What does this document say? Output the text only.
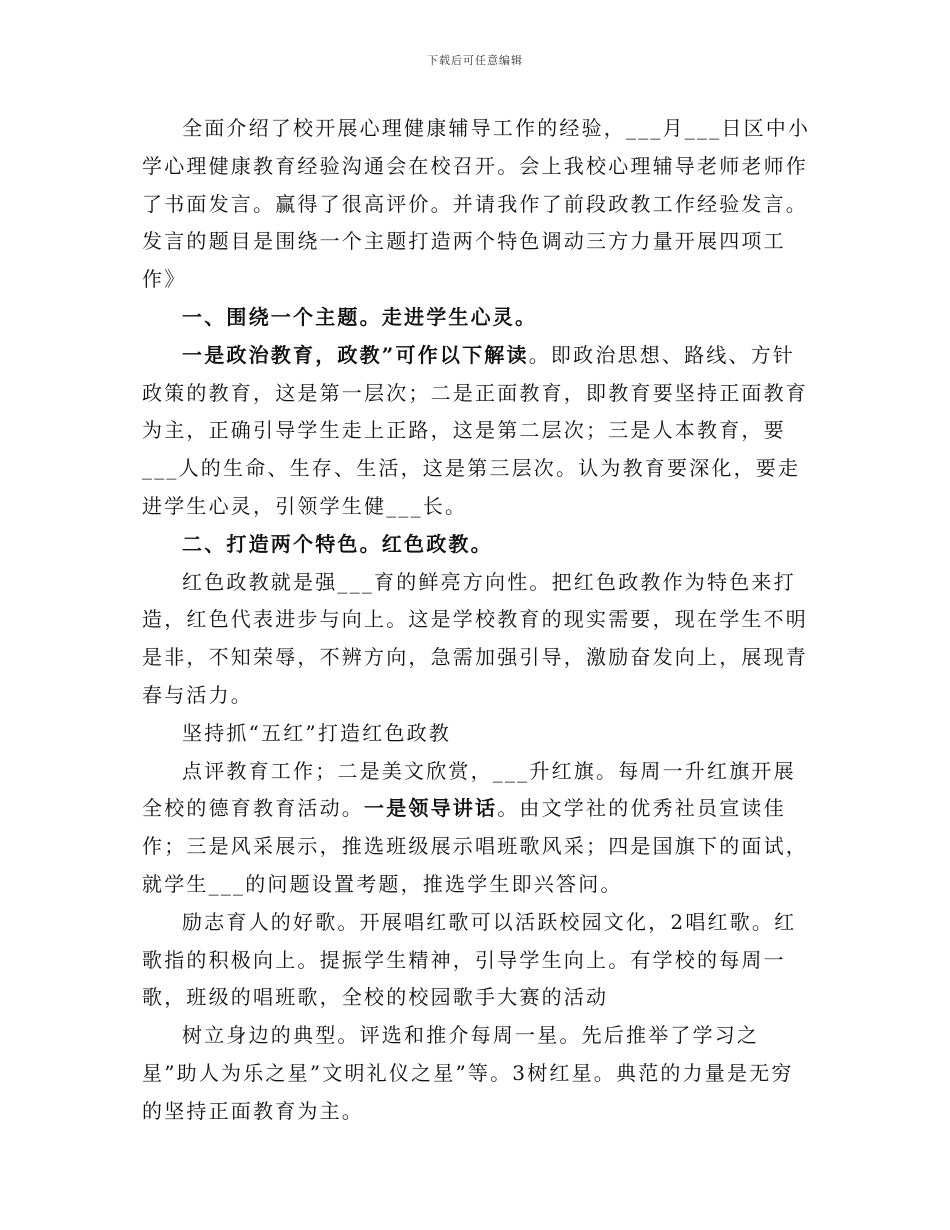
下载后可任意编辑

全面介绍了校开展心理健康辅导工作的经验，___月___日区中小学心理健康教育经验沟通会在校召开。会上我校心理辅导老师老师作了书面发言。赢得了很高评价。并请我作了前段政教工作经验发言。发言的题目是围绕一个主题打造两个特色调动三方力量开展四项工作》

一、围绕一个主题。走进学生心灵。

一是政治教育，政教”可作以下解读。即政治思想、路线、方针政策的教育，这是第一层次；二是正面教育，即教育要坚持正面教育为主，正确引导学生走上正路，这是第二层次；三是人本教育，要___人的生命、生存、生活，这是第三层次。认为教育要深化，要走进学生心灵，引领学生健___长。

二、打造两个特色。红色政教。

红色政教就是强___育的鲜亮方向性。把红色政教作为特色来打造，红色代表进步与向上。这是学校教育的现实需要，现在学生不明是非，不知荣辱，不辨方向，急需加强引导，激励奋发向上，展现青春与活力。

坚持抓“五红”打造红色政教

点评教育工作；二是美文欣赏，___升红旗。每周一升红旗开展全校的德育教育活动。一是领导讲话。由文学社的优秀社员宣读佳作；三是风采展示，推选班级展示唱班歌风采；四是国旗下的面试，就学生___的问题设置考题，推选学生即兴答问。

励志育人的好歌。开展唱红歌可以活跃校园文化，2唱红歌。红歌指的积极向上。提振学生精神，引导学生向上。有学校的每周一歌，班级的唱班歌，全校的校园歌手大赛的活动

树立身边的典型。评选和推介每周一星。先后推举了学习之星”助人为乐之星”文明礼仪之星”等。3树红星。典范的力量是无穷的坚持正面教育为主。
